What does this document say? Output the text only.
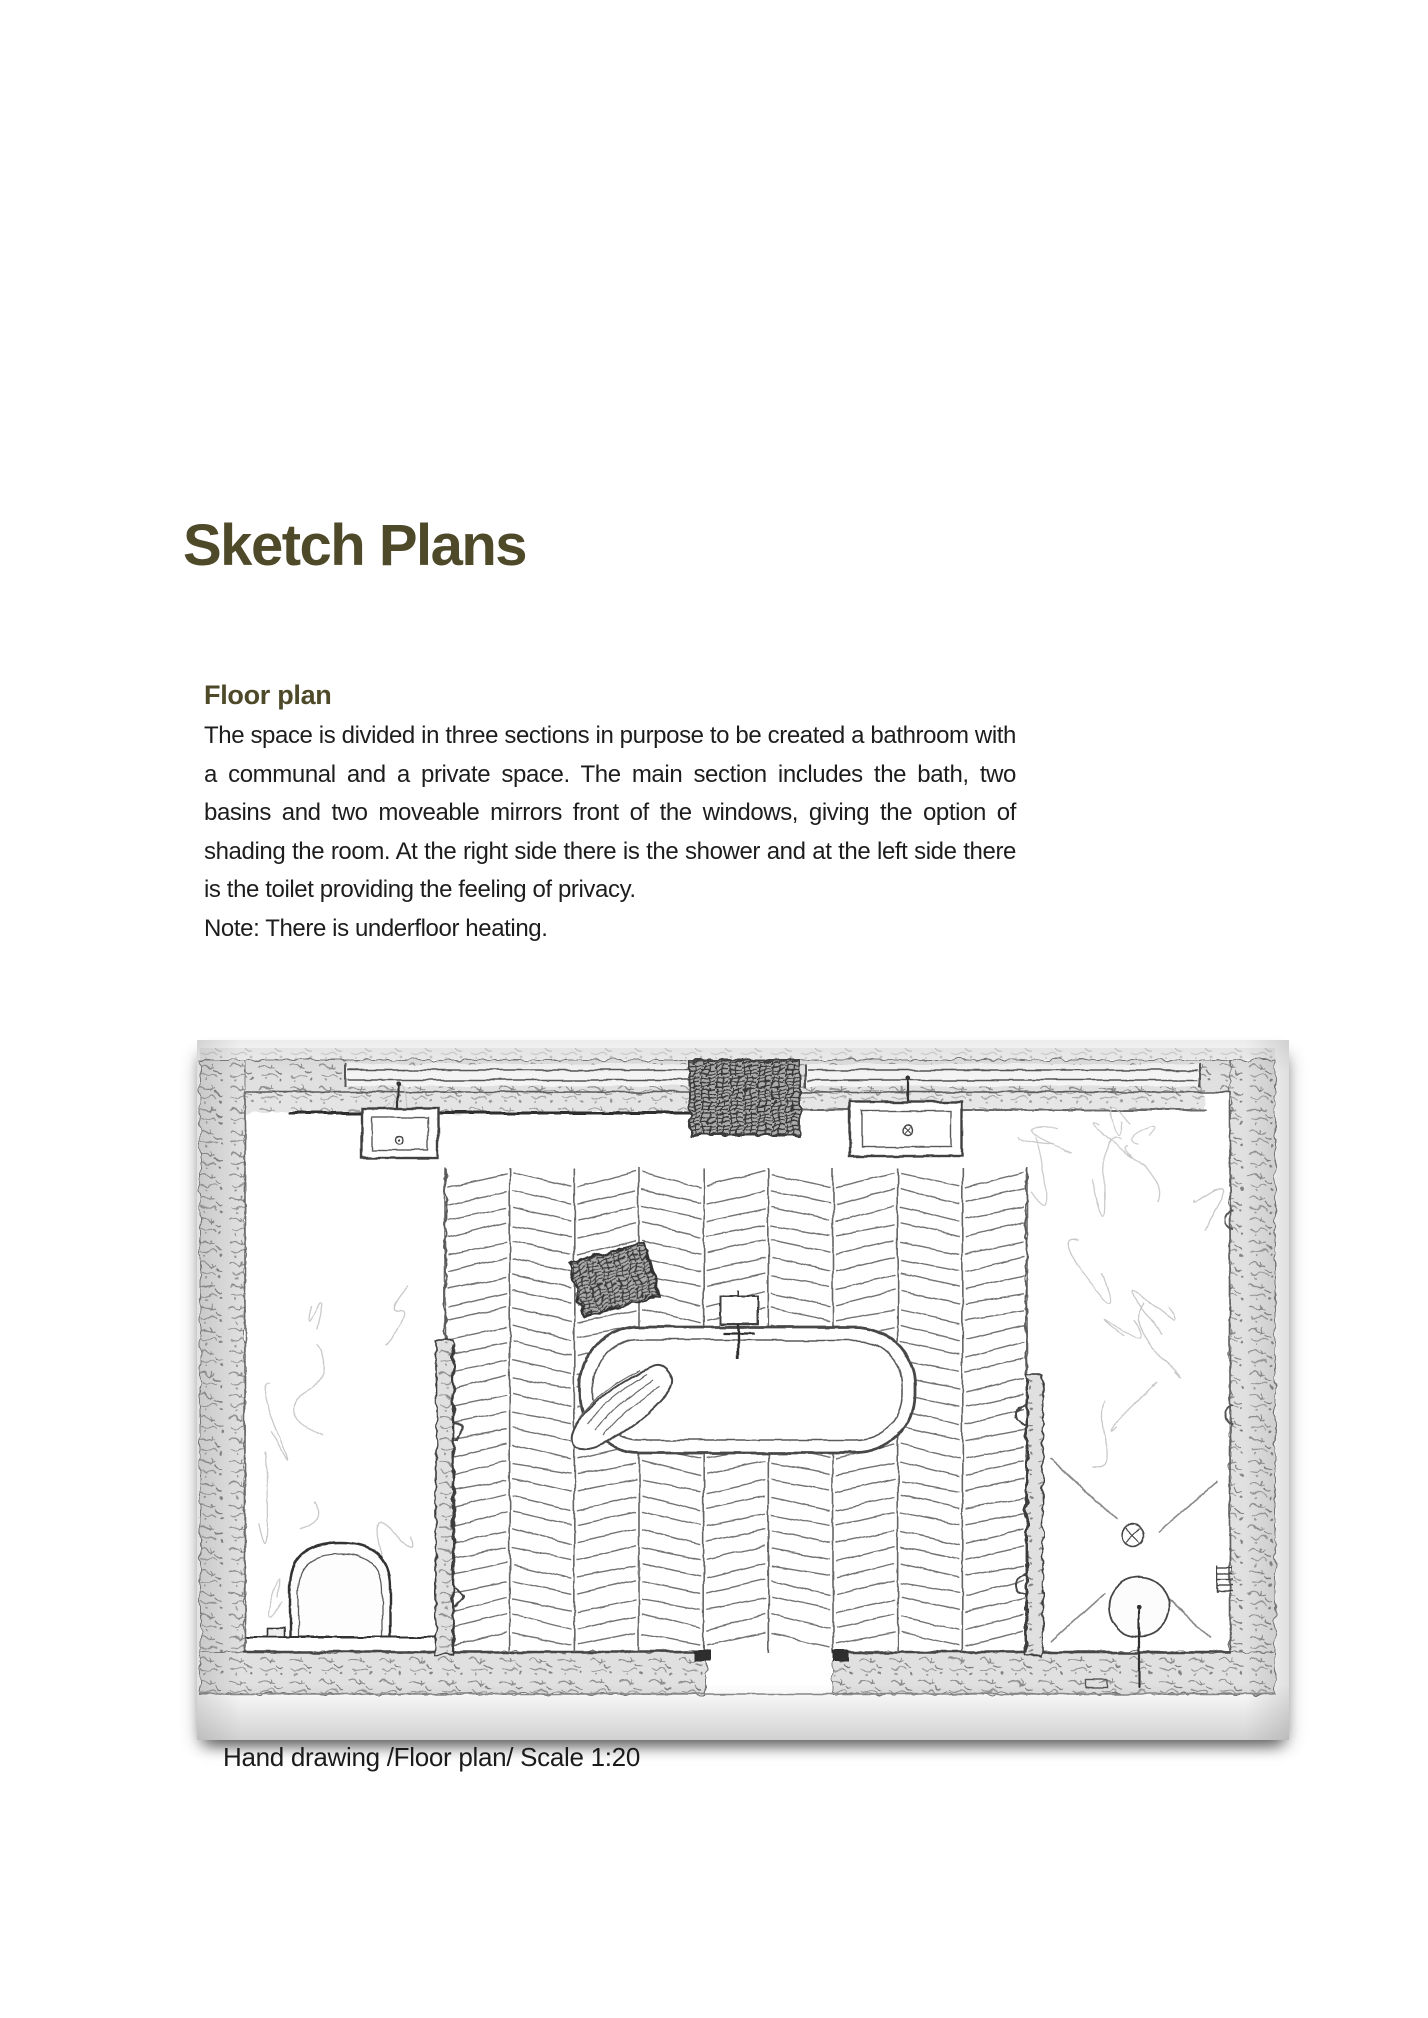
Sketch Plans
Floor plan

The space is divided in three sections in purpose to be created a bathroom with a communal and a private space. The main section includes the bath, two basins and two moveable mirrors front of the windows, giving the option of shading the room. At the right side there is the shower and at the left side there is the toilet providing the feeling of privacy.

Note: There is underfloor heating.

Hand drawing /Floor plan/ Scale 1:20
